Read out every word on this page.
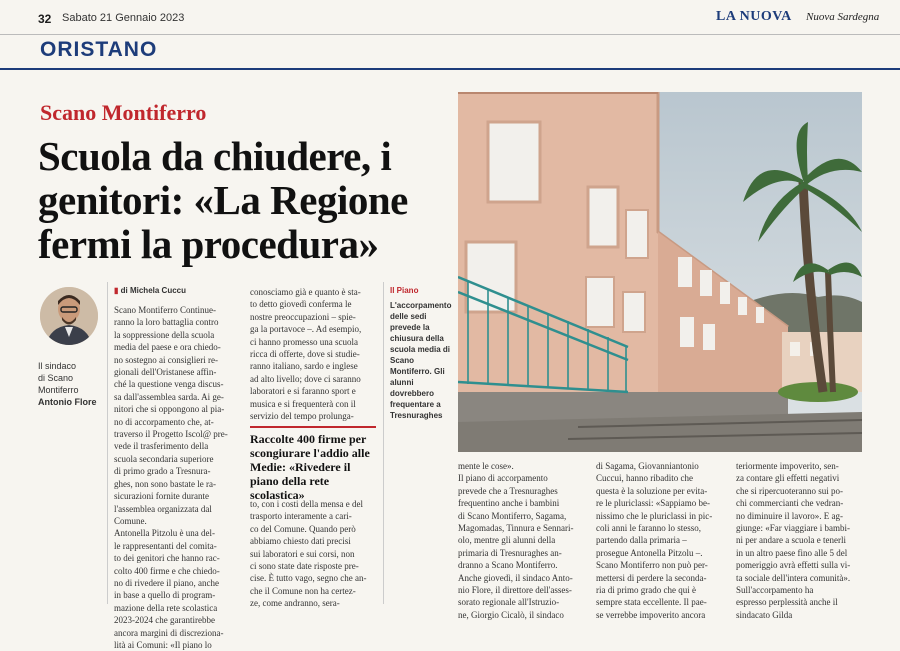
32 Sabato 21 Gennaio 2023	LA NUOVA Nuova Sardegna
ORISTANO
Scano Montiferro
Scuola da chiudere, i genitori: «La Regione fermi la procedura»
Il sindaco
di Scano
Montiferro
Antonio Flore
▮ di Michela Cuccu
Scano Montiferro Continue-
ranno la loro battaglia contro
la soppressione della scuola
media del paese e ora chiedo-
no sostegno ai consiglieri re-
gionali dell'Oristanese affin-
ché la questione venga discus-
sa dall'assemblea sarda. Ai ge-
nitori che si oppongono al pia-
no di accorpamento che, at-
traverso il Progetto Iscol@ pre-
vede il trasferimento della
scuola secondaria superiore
di primo grado a Tresnura-
ghes, non sono bastate le ra-
sicurazioni fornite durante
l'assemblea organizzata dal
Comune.
Antonella Pitzolu è una del-
le rappresentanti del comita-
to dei genitori che hanno rac-
colto 400 firme e che chiedo-
no di rivedere il piano, anche
in base a quello di program-
mazione della rete scolastica
2023-2024 che garantirebbe
ancora margini di discreziona-
lità ai Comuni: «Il piano lo
conosciamo già e quanto è sta-
to detto giovedì conferma le
nostre preoccupazioni – spie-
ga la portavoce –. Ad esempio,
ci hanno promesso una scuola
ricca di offerte, dove si studie-
ranno italiano, sardo e inglese
ad alto livello; dove ci saranno
laboratori e si faranno sport e
musica e si frequenterà con il
servizio del tempo prolunga-
Raccolte 400 firme per scongiurare l'addio alle Medie: «Rivedere il piano della rete scolastica»
to, con i costi della mensa e del
trasporto interamente a cari-
co del Comune. Quando però
abbiamo chiesto dati precisi
sui laboratori e sui corsi, non
ci sono state date risposte pre-
cise. È tutto vago, segno che an-
che il Comune non ha certez-
ze, come andranno, sera-
Il Piano
L'accorpamento delle sedi prevede la chiusura della scuola media di Scano Montiferro. Gli alunni dovrebbero frequentare a Tresnuraghes
mente le cose».
Il piano di accorpamento
prevede che a Tresnuraghes
frequentino anche i bambini
di Scano Montiferro, Sagama,
Magomadas, Tinnura e Sennari-
olo, mentre gli alunni della
primaria di Tresnuraghes an-
dranno a Scano Montiferro.
Anche giovedì, il sindaco Anto-
nio Flore, il direttore dell'asses-
sorato regionale all'Istruzio-
ne, Giorgio Cicalò, il sindaco
di Sagama, Giovanniantonio
Cuccui, hanno ribadito che
questa è la soluzione per evita-
re le pluriclassi: «Sappiamo be-
nissimo che le pluriclassi in pic-
coli anni le faranno lo stesso,
partendo dalla primaria –
prosegue Antonella Pitzolu –.
Scano Montiferro non può per-
mettersi di perdere la seconda-
ria di primo grado che qui è
sempre stata eccellente. Il pae-
se verrebbe impoverito ancora
teriormente impoverito, sen-
za contare gli effetti negativi
che si ripercuoteranno sui po-
chi commercianti che vedran-
no diminuire il lavoro». E ag-
giunge: «Far viaggiare i bambi-
ni per andare a scuola e tenerli
in un altro paese fino alle 5 del
pomeriggio avrà effetti sulla vi-
ta sociale dell'intera comunità».
Sull'accorpamento ha
espresso perplessità anche il
sindacato Gilda
